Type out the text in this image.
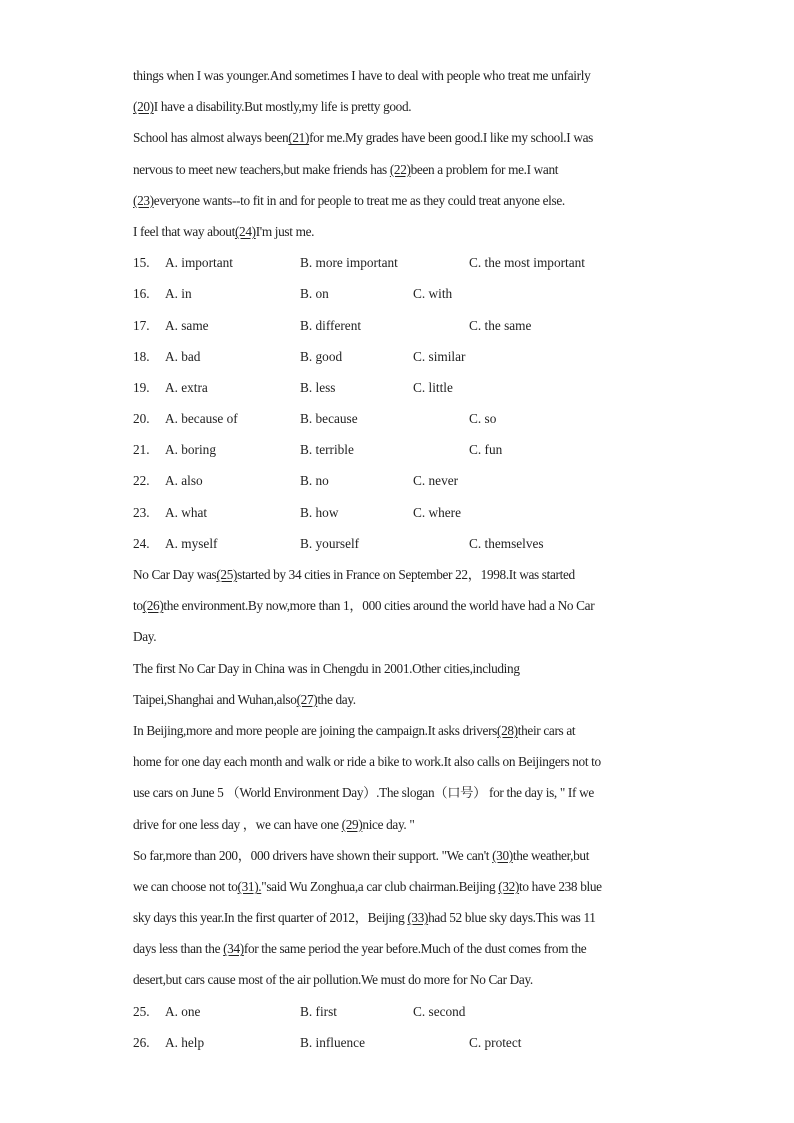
things when I was younger.And sometimes I have to deal with people who treat me unfairly
(20)I have a disability.But mostly,my life is pretty good.
School has almost always been(21)for me.My grades have been good.I like my school.I was
nervous to meet new teachers,but make friends has (22)been a problem for me.I want
(23)everyone wants--to fit in and for people to treat me as they could treat anyone else.
I feel that way about(24)I'm just me.
15. A. important	B. more important	C. the most important
16. A. in	B. on	C. with
17. A. same	B. different	C. the same
18. A. bad	B. good	C. similar
19. A. extra	B. less	C. little
20. A. because of	B. because	C. so
21. A. boring	B. terrible	C. fun
22. A. also	B. no	C. never
23. A. what	B. how	C. where
24. A. myself	B. yourself	C. themselves
No Car Day was(25)started by 34 cities in France on September 22，1998.It was started
to(26)the environment.By now,more than 1，000 cities around the world have had a No Car
Day.
The first No Car Day in China was in Chengdu in 2001.Other cities,including
Taipei,Shanghai and Wuhan,also(27)the day.
In Beijing,more and more people are joining the campaign.It asks drivers(28)their cars at
home for one day each month and walk or ride a bike to work.It also calls on Beijingers not to
use cars on June 5 （World Environment Day）.The slogan（口号） for the day is, " If we
drive for one less day ，we can have one (29)nice day. "
So far,more than 200，000 drivers have shown their support. "We can't (30)the weather,but
we can choose not to(31)."said Wu Zonghua,a car club chairman.Beijing (32)to have 238 blue
sky days this year.In the first quarter of 2012，Beijing (33)had 52 blue sky days.This was 11
days less than the (34)for the same period the year before.Much of the dust comes from the
desert,but cars cause most of the air pollution.We must do more for No Car Day.
25. A. one	B. first	C. second
26. A. help	B. influence	C. protect
